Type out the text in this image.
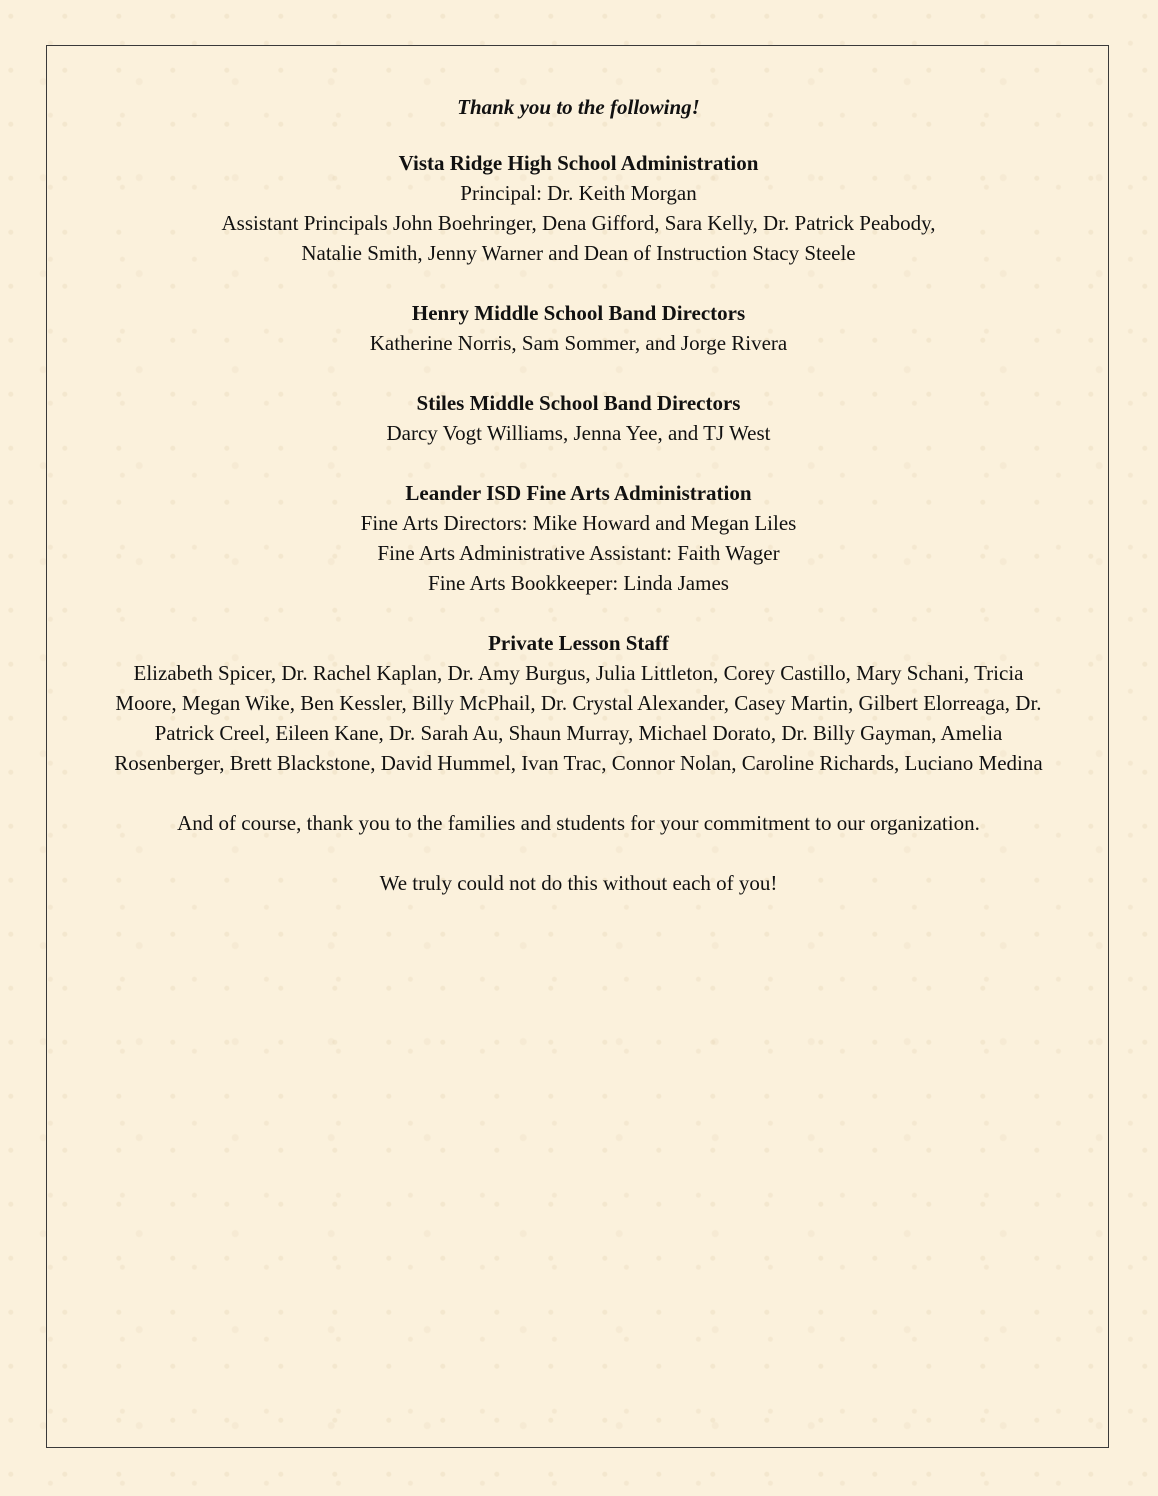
Thank you to the following!

Vista Ridge High School Administration

Principal: Dr. Keith Morgan

Assistant Principals John Boehringer, Dena Gifford, Sara Kelly, Dr. Patrick Peabody,

Natalie Smith, Jenny Warner and Dean of Instruction Stacy Steele

Henry Middle School Band Directors

Katherine Norris, Sam Sommer, and Jorge Rivera

Stiles Middle School Band Directors

Darcy Vogt Williams, Jenna Yee, and TJ West

Leander ISD Fine Arts Administration

Fine Arts Directors: Mike Howard and Megan Liles

Fine Arts Administrative Assistant: Faith Wager

Fine Arts Bookkeeper: Linda James

Private Lesson Staff

Elizabeth Spicer, Dr. Rachel Kaplan, Dr. Amy Burgus, Julia Littleton, Corey Castillo, Mary Schani, Tricia Moore, Megan Wike, Ben Kessler, Billy McPhail, Dr. Crystal Alexander, Casey Martin, Gilbert Elorreaga, Dr. Patrick Creel, Eileen Kane, Dr. Sarah Au, Shaun Murray, Michael Dorato, Dr. Billy Gayman, Amelia Rosenberger, Brett Blackstone, David Hummel, Ivan Trac, Connor Nolan, Caroline Richards, Luciano Medina

And of course, thank you to the families and students for your commitment to our organization.

We truly could not do this without each of you!
